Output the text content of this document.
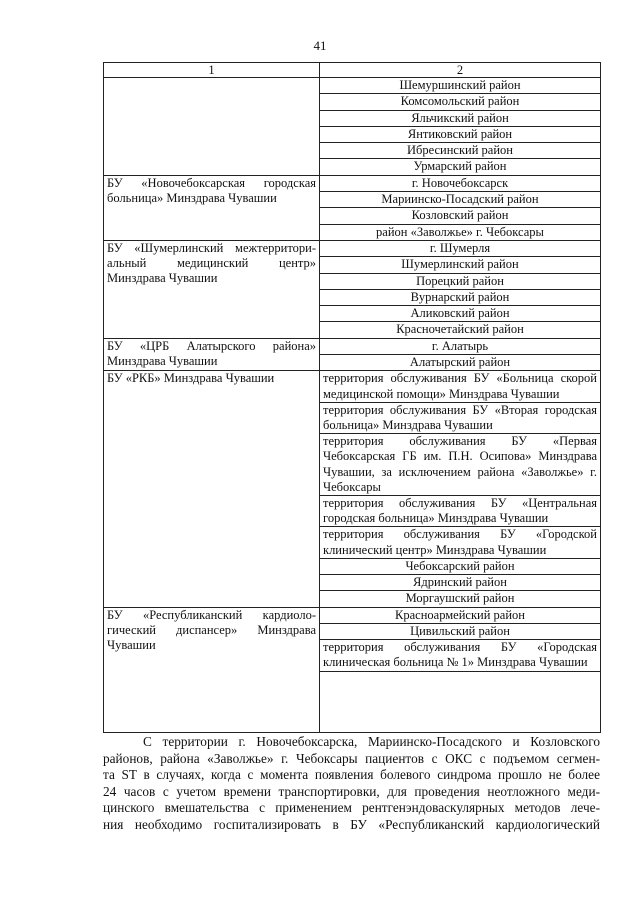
41
1	2
	Шемуршинский район
	Комсомольский район
	Яльчикский район
	Янтиковский район
	Ибресинский район
	Урмарский район
БУ «Новочебоксарская городская больница» Минздрава Чувашии	г. Новочебоксарск
	Мариинско-Посадский район
	Козловский район
	район «Заволжье» г. Чебоксары
БУ «Шумерлинский межтерриториальный медицинский центр» Минздрава Чувашии	г. Шумерля
	Шумерлинский район
	Порецкий район
	Вурнарский район
	Аликовский район
	Красночетайский район
БУ «ЦРБ Алатырского района» Минздрава Чувашии	г. Алатырь
	Алатырский район
БУ «РКБ» Минздрава Чувашии	территория обслуживания БУ «Больница скорой медицинской помощи» Минздрава Чувашии
	территория обслуживания БУ «Вторая городская больница» Минздрава Чувашии
	территория обслуживания БУ «Первая Чебоксарская ГБ им. П.Н. Осипова» Минздрава Чувашии, за исключением района «Заволжье» г. Чебоксары
	территория обслуживания БУ «Центральная городская больница» Минздрава Чувашии
	территория обслуживания БУ «Городской клинический центр» Минздрава Чувашии
	Чебоксарский район
	Ядринский район
	Моргаушский район
БУ «Республиканский кардиологический диспансер» Минздрава Чувашии	Красноармейский район
	Цивильский район
	территория обслуживания БУ «Городская клиническая больница № 1» Минздрава Чувашии

С территории г. Новочебоксарска, Мариинско-Посадского и Козловского
районов, района «Заволжье» г. Чебоксары пациентов с ОКС с подъемом сегмен-
та ST в случаях, когда с момента появления болевого синдрома прошло не более
24 часов с учетом времени транспортировки, для проведения неотложного меди-
цинского вмешательства с применением рентгенэндоваскулярных методов лече-
ния необходимо госпитализировать в БУ «Республиканский кардиологический
